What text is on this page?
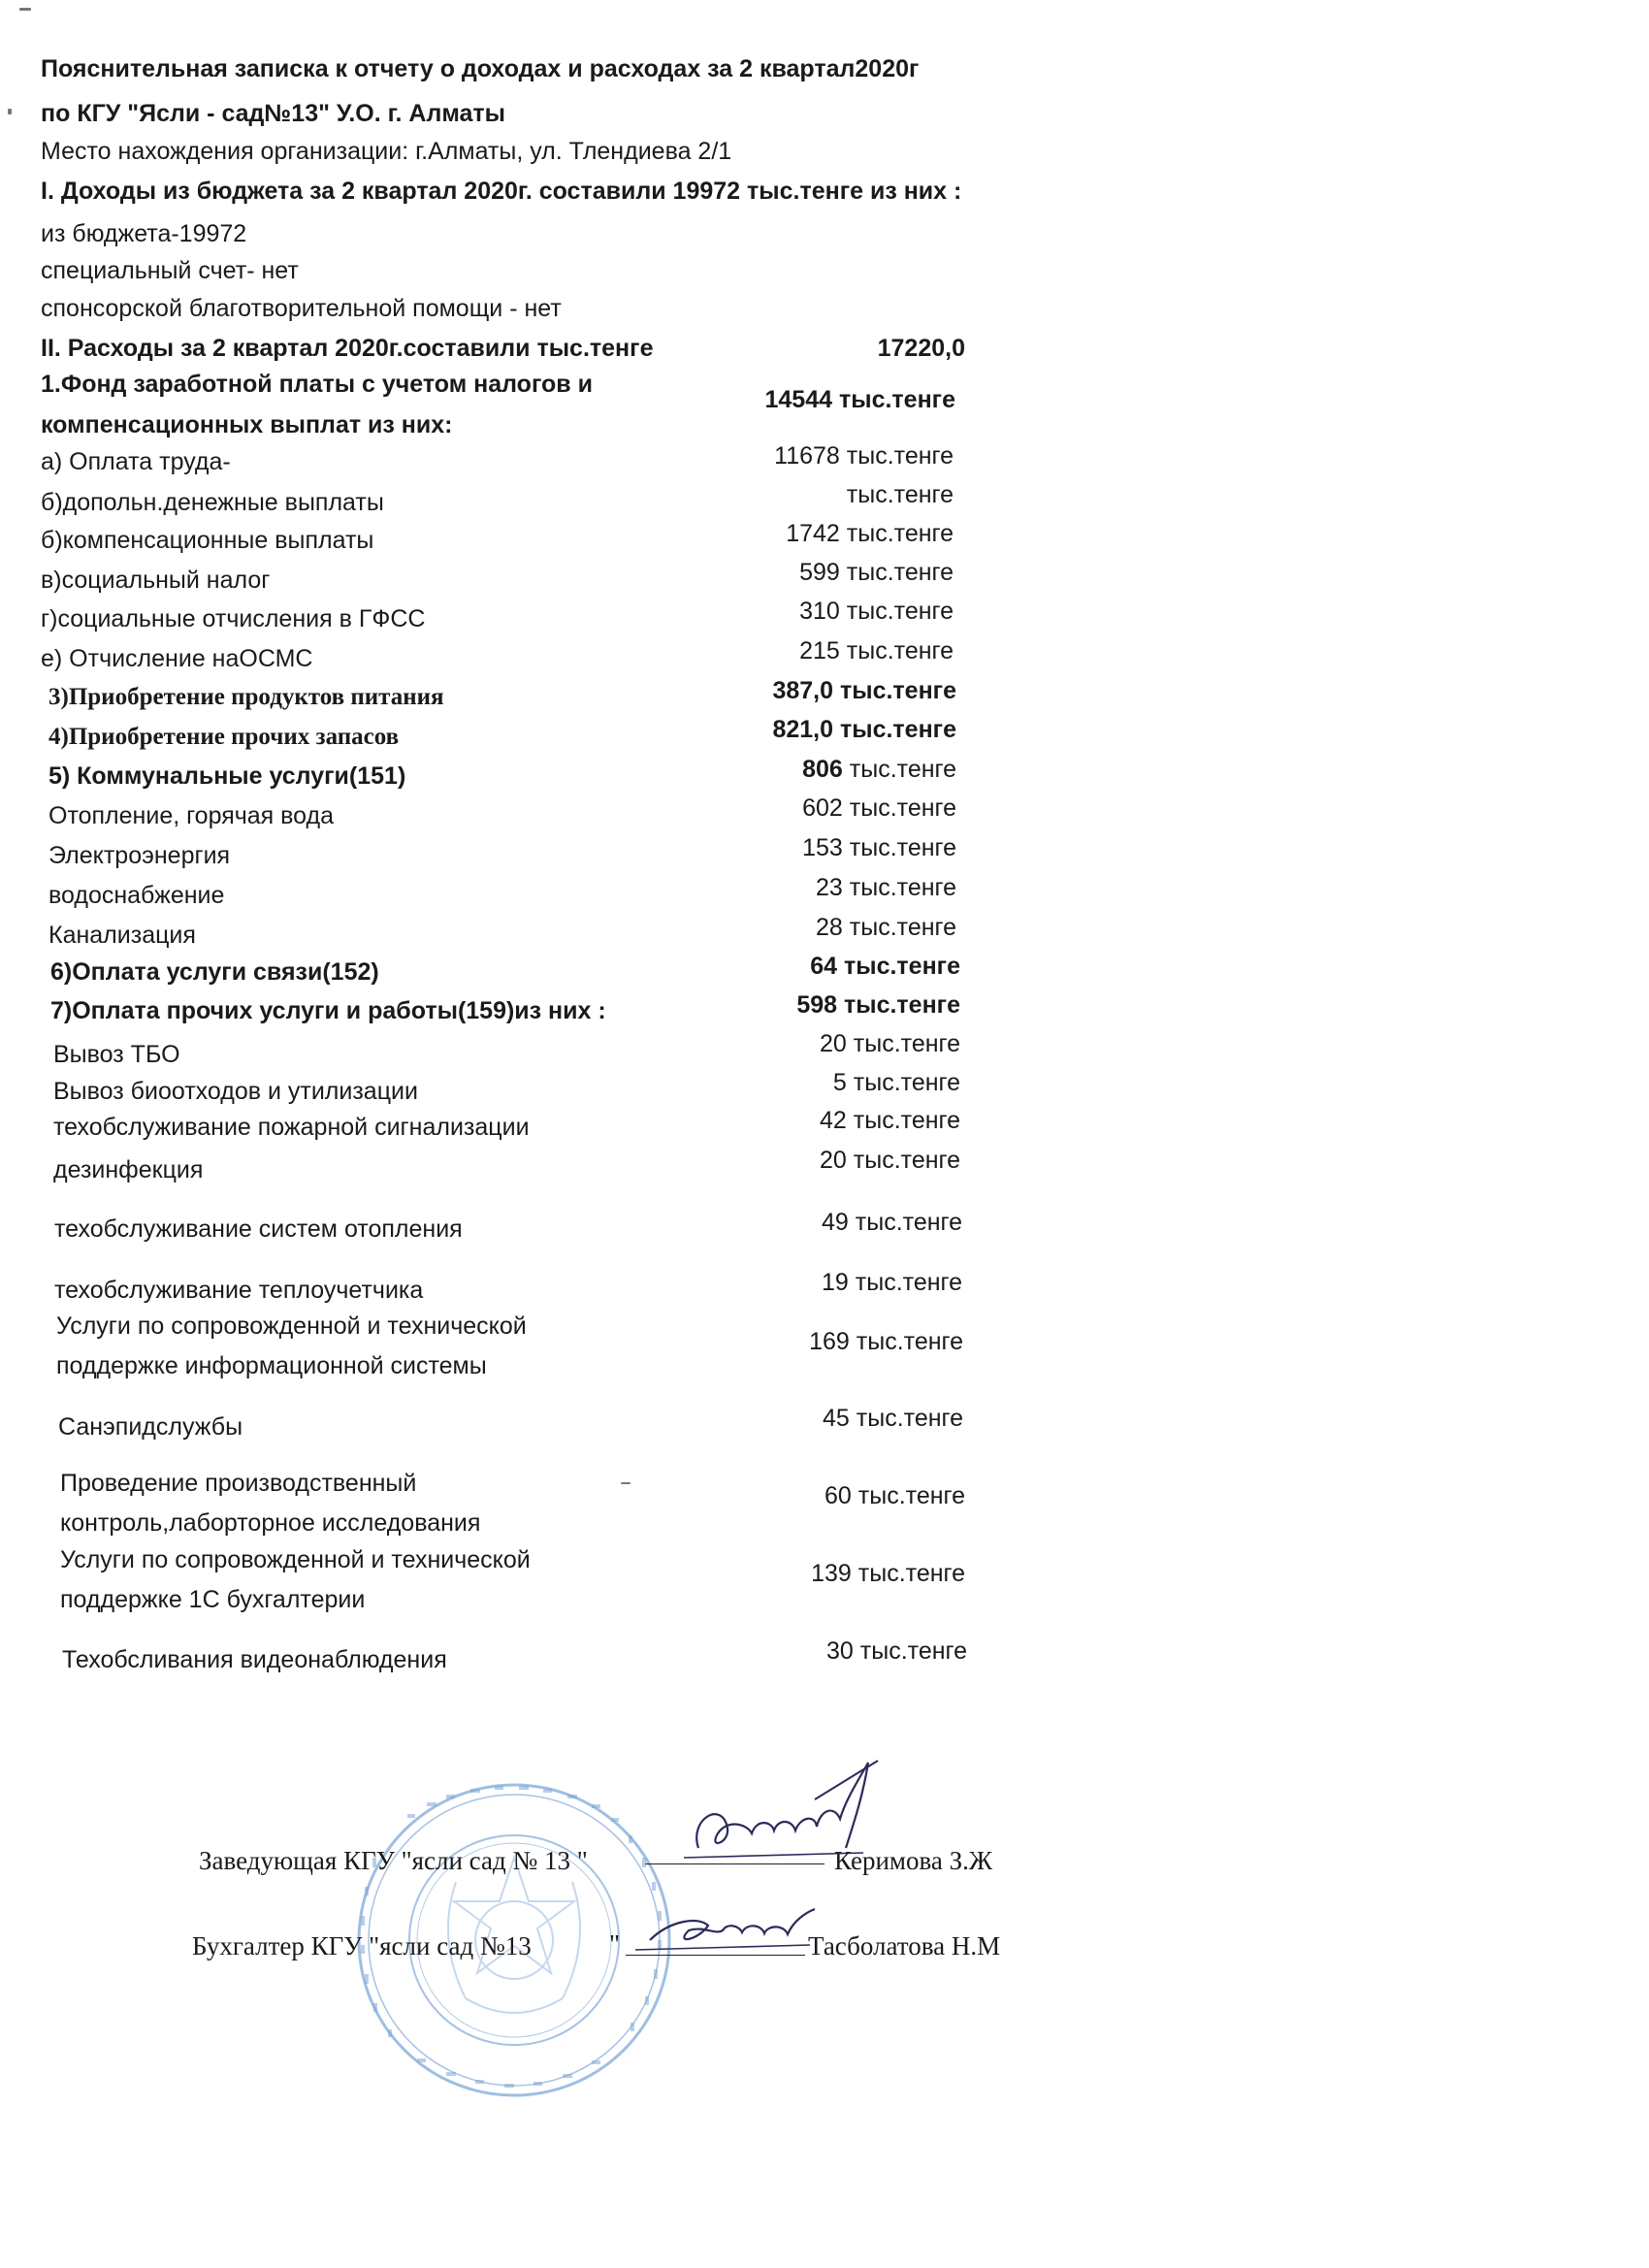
Пояснительная записка к отчету о доходах и расходах за 2 квартал2020г
по КГУ "Ясли - сад№13" У.О. г. Алматы
Место нахождения организации: г.Алматы, ул. Тлендиева 2/1
I. Доходы из бюджета за 2 квартал 2020г. составили 19972 тыс.тенге из них :
из бюджета-19972
специальный счет- нет
спонсорской благотворительной помощи - нет
II. Расходы за 2 квартал 2020г.составили тыс.тенге	17220,0
1.Фонд заработной платы с учетом налогов и
компенсационных выплат из них:
14544 тыс.тенге
а) Оплата труда-	11678 тыс.тенге
б)допольн.денежные выплаты	тыс.тенге
б)компенсационные выплаты	1742 тыс.тенге
в)социальный налог	599 тыс.тенге
г)социальные отчисления в ГФСС	310 тыс.тенге
е) Отчисление наОСМС	215 тыс.тенге
3)Приобретение продуктов питания	387,0 тыс.тенге
4)Приобретение прочих запасов	821,0 тыс.тенге
5) Коммунальные услуги(151)	806 тыс.тенге
Отопление, горячая вода	602 тыс.тенге
Электроэнергия	153 тыс.тенге
водоснабжение	23 тыс.тенге
Канализация	28 тыс.тенге
6)Оплата услуги связи(152)	64 тыс.тенге
7)Оплата прочих услуги и работы(159)из них :	598 тыс.тенге
Вывоз ТБО	20 тыс.тенге
Вывоз биоотходов и утилизации	5 тыс.тенге
техобслуживание пожарной сигнализации	42 тыс.тенге
дезинфекция	20 тыс.тенге
техобслуживание систем отопления	49 тыс.тенге
техобслуживание теплоучетчика	19 тыс.тенге
Услуги по сопровожденной и технической
поддержке информационной системы
169 тыс.тенге
Санэпидслужбы	45 тыс.тенге
Проведение производственный
контроль,лаборторное исследования
60 тыс.тенге
Услуги по сопровожденной и технической
поддержке 1С бухгалтерии
139 тыс.тенге
Техобсливания видеонаблюдения	30 тыс.тенге
Заведующая КГУ "ясли сад № 13 "	Керимова З.Ж
Бухгалтер КГУ "ясли сад №13	"	Тасболатова Н.М
